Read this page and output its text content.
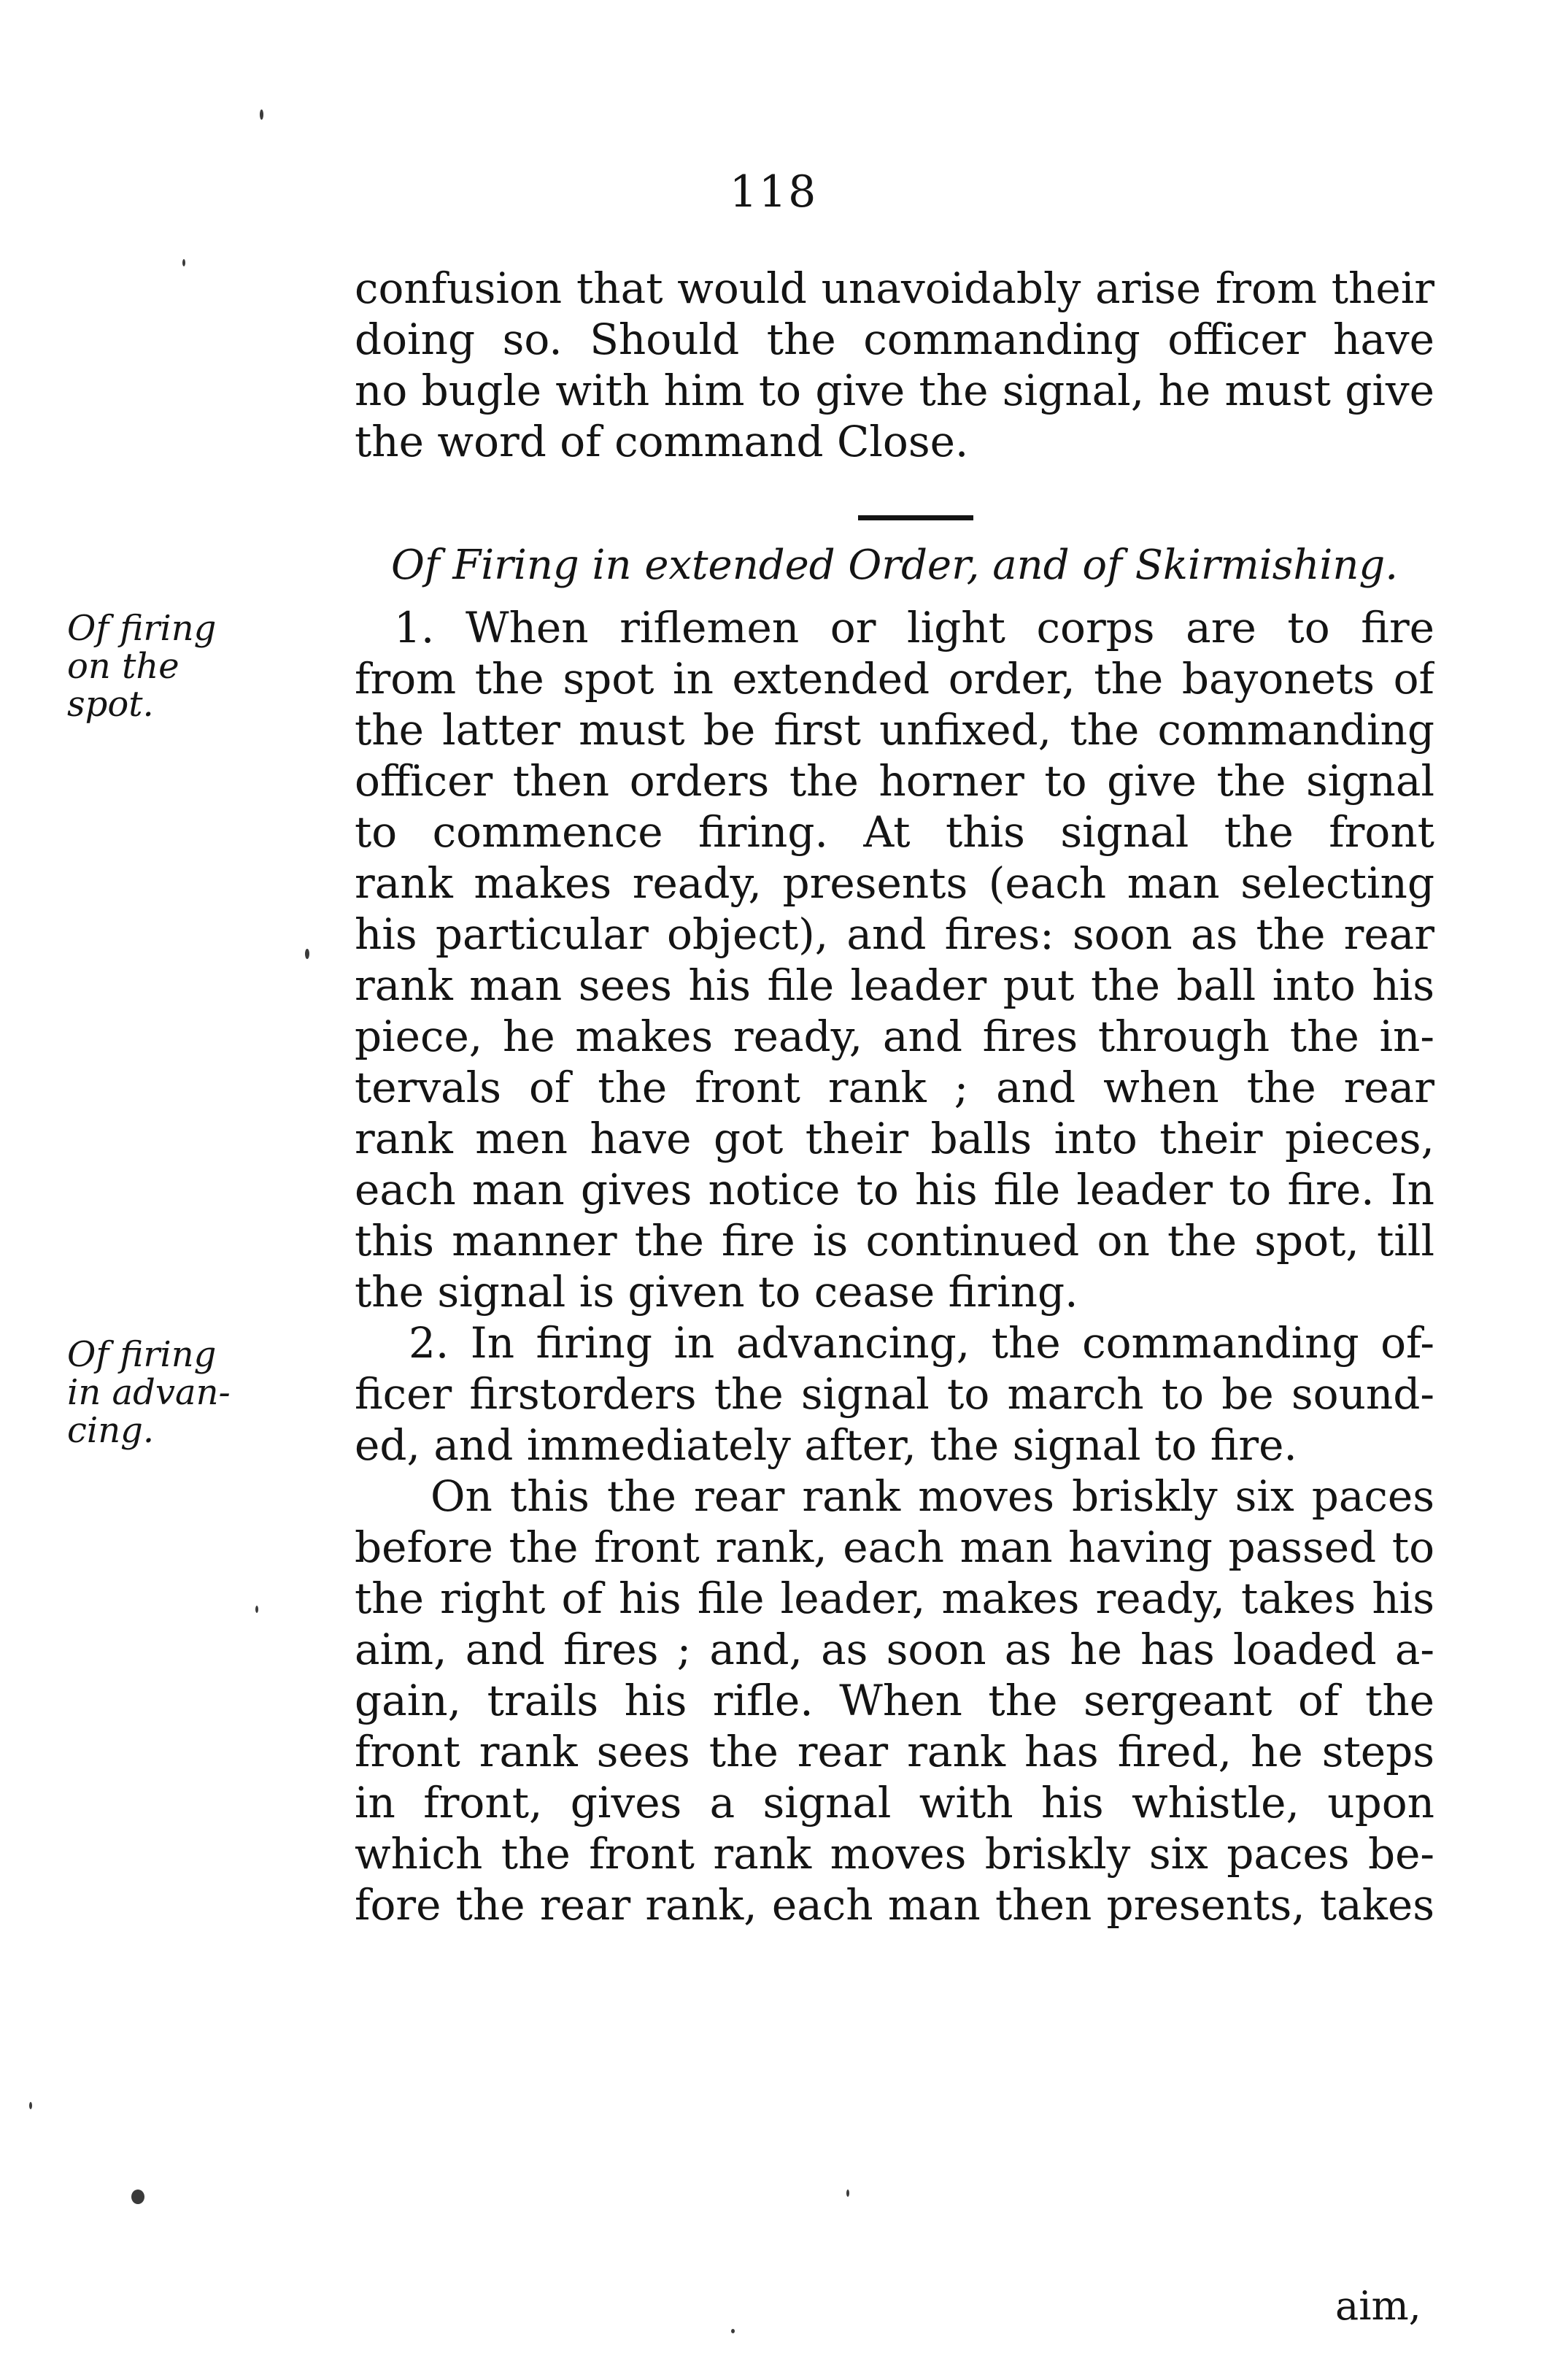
118
confusion that would unavoidably arise from their
doing so. Should the commanding officer have
no bugle with him to give the signal, he must give
the word of command Close.
Of Firing in extended Order, and of Skirmishing.
1. When riflemen or light corps are to fire
from the spot in extended order, the bayonets of
the latter must be first unfixed, the commanding
officer then orders the horner to give the signal
to commence firing. At this signal the front
rank makes ready, presents (each man selecting
his particular object), and fires: soon as the rear
rank man sees his file leader put the ball into his
piece, he makes ready, and fires through the in-
tervals of the front rank ; and when the rear
rank men have got their balls into their pieces,
each man gives notice to his file leader to fire. In
this manner the fire is continued on the spot, till
the signal is given to cease firing.
2. In firing in advancing, the commanding of-
ficer firstorders the signal to march to be sound-
ed, and immediately after, the signal to fire.
On this the rear rank moves briskly six paces
before the front rank, each man having passed to
the right of his file leader, makes ready, takes his
aim, and fires ; and, as soon as he has loaded a-
gain, trails his rifle. When the sergeant of the
front rank sees the rear rank has fired, he steps
in front, gives a signal with his whistle, upon
which the front rank moves briskly six paces be-
fore the rear rank, each man then presents, takes
aim,
Of firing
on the
spot.
Of firing
in advan-
cing.
